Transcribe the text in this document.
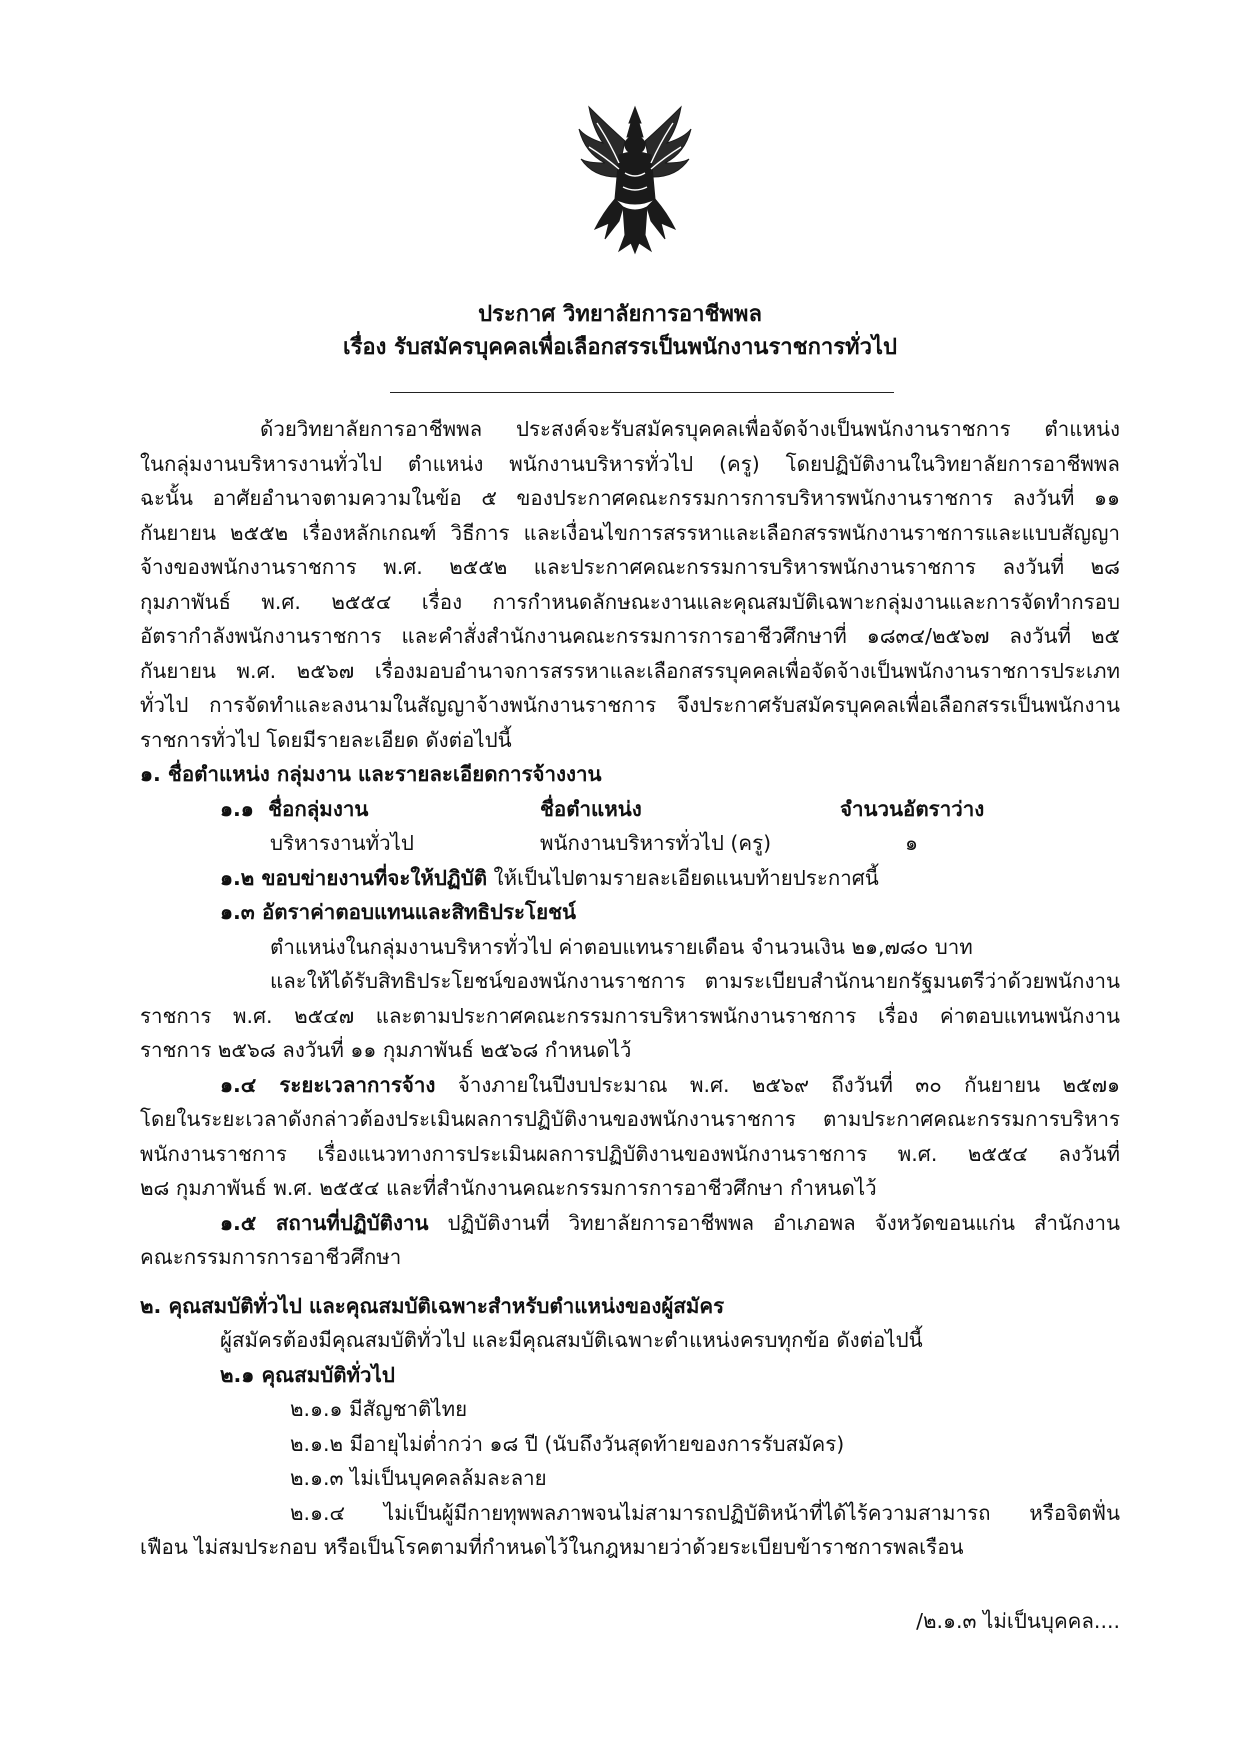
ประกาศ วิทยาลัยการอาชีพพล
เรื่อง รับสมัครบุคคลเพื่อเลือกสรรเป็นพนักงานราชการทั่วไป
ด้วยวิทยาลัยการอาชีพพล ประสงค์จะรับสมัครบุคคลเพื่อจัดจ้างเป็นพนักงานราชการ ตำแหน่ง
ในกลุ่มงานบริหารงานทั่วไป ตำแหน่ง พนักงานบริหารทั่วไป (ครู) โดยปฏิบัติงานในวิทยาลัยการอาชีพพล
ฉะนั้น อาศัยอำนาจตามความในข้อ ๕ ของประกาศคณะกรรมการการบริหารพนักงานราชการ ลงวันที่ ๑๑
กันยายน ๒๕๕๒ เรื่องหลักเกณฑ์ วิธีการ และเงื่อนไขการสรรหาและเลือกสรรพนักงานราชการและแบบสัญญา
จ้างของพนักงานราชการ พ.ศ. ๒๕๕๒ และประกาศคณะกรรมการบริหารพนักงานราชการ ลงวันที่ ๒๘
กุมภาพันธ์ พ.ศ. ๒๕๕๔ เรื่อง การกำหนดลักษณะงานและคุณสมบัติเฉพาะกลุ่มงานและการจัดทำกรอบ
อัตรากำลังพนักงานราชการ และคำสั่งสำนักงานคณะกรรมการการอาชีวศึกษาที่ ๑๘๓๔/๒๕๖๗ ลงวันที่ ๒๕
กันยายน พ.ศ. ๒๕๖๗ เรื่องมอบอำนาจการสรรหาและเลือกสรรบุคคลเพื่อจัดจ้างเป็นพนักงานราชการประเภท
ทั่วไป การจัดทำและลงนามในสัญญาจ้างพนักงานราชการ จึงประกาศรับสมัครบุคคลเพื่อเลือกสรรเป็นพนักงาน
ราชการทั่วไป โดยมีรายละเอียด ดังต่อไปนี้
๑. ชื่อตำแหน่ง กลุ่มงาน และรายละเอียดการจ้างงาน
๑.๑ ชื่อกลุ่มงาน	ชื่อตำแหน่ง	จำนวนอัตราว่าง
บริหารงานทั่วไป	พนักงานบริหารทั่วไป (ครู)	๑
๑.๒ ขอบข่ายงานที่จะให้ปฏิบัติ ให้เป็นไปตามรายละเอียดแนบท้ายประกาศนี้
๑.๓ อัตราค่าตอบแทนและสิทธิประโยชน์
ตำแหน่งในกลุ่มงานบริหารทั่วไป ค่าตอบแทนรายเดือน จำนวนเงิน ๒๑,๗๘๐ บาท
และให้ได้รับสิทธิประโยชน์ของพนักงานราชการ ตามระเบียบสำนักนายกรัฐมนตรีว่าด้วยพนักงาน
ราชการ พ.ศ. ๒๕๔๗ และตามประกาศคณะกรรมการบริหารพนักงานราชการ เรื่อง ค่าตอบแทนพนักงาน
ราชการ ๒๕๖๘ ลงวันที่ ๑๑ กุมภาพันธ์ ๒๕๖๘ กำหนดไว้
๑.๔ ระยะเวลาการจ้าง จ้างภายในปีงบประมาณ พ.ศ. ๒๕๖๙ ถึงวันที่ ๓๐ กันยายน ๒๕๗๑
โดยในระยะเวลาดังกล่าวต้องประเมินผลการปฏิบัติงานของพนักงานราชการ ตามประกาศคณะกรรมการบริหาร
พนักงานราชการ เรื่องแนวทางการประเมินผลการปฏิบัติงานของพนักงานราชการ พ.ศ. ๒๕๕๔ ลงวันที่
๒๘ กุมภาพันธ์ พ.ศ. ๒๕๕๔ และที่สำนักงานคณะกรรมการการอาชีวศึกษา กำหนดไว้
๑.๕ สถานที่ปฏิบัติงาน ปฏิบัติงานที่ วิทยาลัยการอาชีพพล อำเภอพล จังหวัดขอนแก่น สำนักงาน
คณะกรรมการการอาชีวศึกษา
๒. คุณสมบัติทั่วไป และคุณสมบัติเฉพาะสำหรับตำแหน่งของผู้สมัคร
ผู้สมัครต้องมีคุณสมบัติทั่วไป และมีคุณสมบัติเฉพาะตำแหน่งครบทุกข้อ ดังต่อไปนี้
๒.๑ คุณสมบัติทั่วไป
๒.๑.๑ มีสัญชาติไทย
๒.๑.๒ มีอายุไม่ต่ำกว่า ๑๘ ปี (นับถึงวันสุดท้ายของการรับสมัคร)
๒.๑.๓ ไม่เป็นบุคคลล้มละลาย
๒.๑.๔ ไม่เป็นผู้มีกายทุพพลภาพจนไม่สามารถปฏิบัติหน้าที่ได้ไร้ความสามารถ หรือจิตฟั่น
เฟือน ไม่สมประกอบ หรือเป็นโรคตามที่กำหนดไว้ในกฎหมายว่าด้วยระเบียบข้าราชการพลเรือน
/๒.๑.๓ ไม่เป็นบุคคล....
